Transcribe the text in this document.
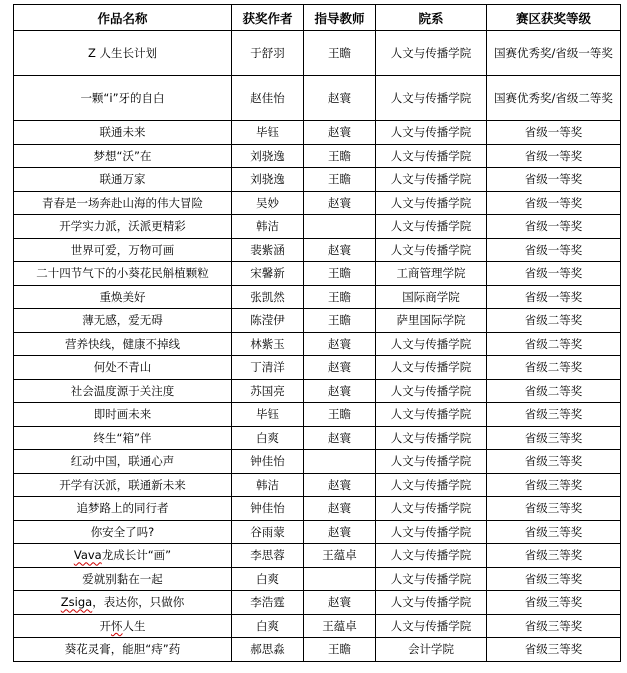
作品名称	获奖作者	指导教师	院系	赛区获奖等级
Z 人生长计划	于舒羽	王瞻	人文与传播学院	国赛优秀奖/省级一等奖
一颗“i”牙的自白	赵佳怡	赵寰	人文与传播学院	国赛优秀奖/省级二等奖
联通未来	毕钰	赵寰	人文与传播学院	省级一等奖
梦想“沃”在	刘骁逸	王瞻	人文与传播学院	省级一等奖
联通万家	刘骁逸	王瞻	人文与传播学院	省级一等奖
青春是一场奔赴山海的伟大冒险	吴妙	赵寰	人文与传播学院	省级一等奖
开学实力派，沃派更精彩	韩洁		人文与传播学院	省级一等奖
世界可爱，万物可画	裴紫涵	赵寰	人文与传播学院	省级一等奖
二十四节气下的小葵花民斛植颗粒	宋馨新	王瞻	工商管理学院	省级一等奖
重焕美好	张凯然	王瞻	国际商学院	省级一等奖
薄无感，爱无碍	陈滢伊	王瞻	萨里国际学院	省级二等奖
营养快线，健康不掉线	林紫玉	赵寰	人文与传播学院	省级二等奖
何处不青山	丁清洋	赵寰	人文与传播学院	省级二等奖
社会温度源于关注度	苏国亮	赵寰	人文与传播学院	省级二等奖
即时画未来	毕钰	王瞻	人文与传播学院	省级三等奖
终生“箱”伴	白爽	赵寰	人文与传播学院	省级三等奖
红动中国，联通心声	钟佳怡		人文与传播学院	省级三等奖
开学有沃派，联通新未来	韩洁	赵寰	人文与传播学院	省级三等奖
追梦路上的同行者	钟佳怡	赵寰	人文与传播学院	省级三等奖
你安全了吗?	谷雨蒙	赵寰	人文与传播学院	省级三等奖
Vava龙成长计“画”	李思蓉	王蕴卓	人文与传播学院	省级三等奖
爱就别黏在一起	白爽		人文与传播学院	省级三等奖
Zsiga，表达你，只做你	李浩霆	赵寰	人文与传播学院	省级三等奖
开怀人生	白爽	王蕴卓	人文与传播学院	省级三等奖
葵花灵膏，能胆“痔”药	郝思淼	王瞻	会计学院	省级三等奖
